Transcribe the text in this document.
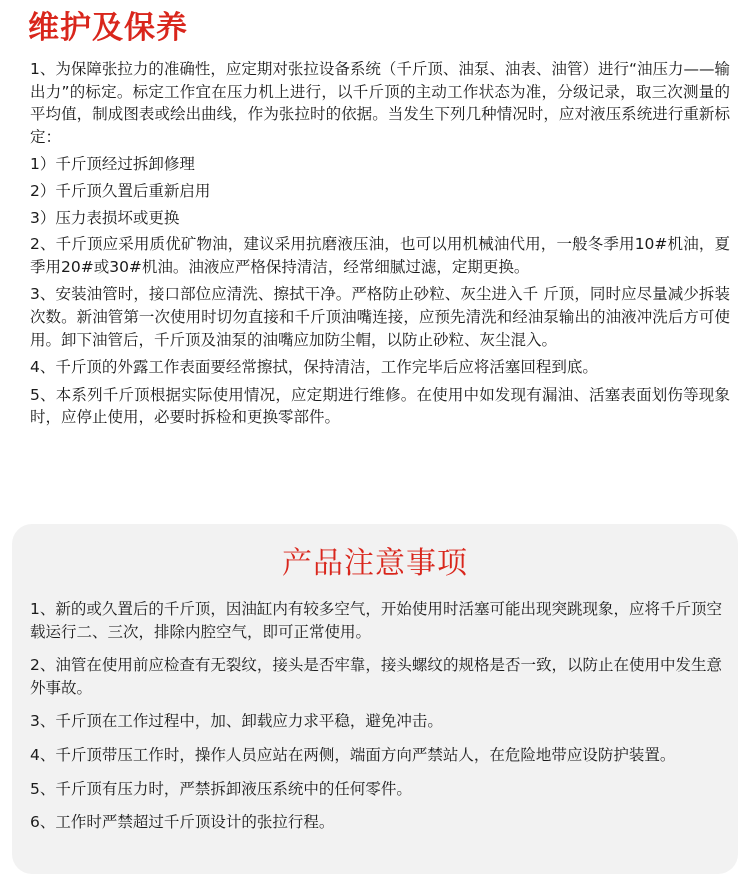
维护及保养

1、为保障张拉力的准确性，应定期对张拉设备系统（千斤顶、油泵、油表、油管）进行“油压力——输出力”的标定。标定工作宜在压力机上进行，以千斤顶的主动工作状态为准，分级记录，取三次测量的平均值，制成图表或绘出曲线，作为张拉时的依据。当发生下列几种情况时，应对液压系统进行重新标定：

1）千斤顶经过拆卸修理

2）千斤顶久置后重新启用

3）压力表损坏或更换

2、千斤顶应采用质优矿物油，建议采用抗磨液压油，也可以用机械油代用，一般冬季用10#机油，夏季用20#或30#机油。油液应严格保持清洁，经常细腻过滤，定期更换。

3、安装油管时，接口部位应清洗、擦拭干净。严格防止砂粒、灰尘进入千 斤顶，同时应尽量减少拆装次数。新油管第一次使用时切勿直接和千斤顶油嘴连接，应预先清洗和经油泵输出的油液冲洗后方可使用。卸下油管后，千斤顶及油泵的油嘴应加防尘帽，以防止砂粒、灰尘混入。

4、千斤顶的外露工作表面要经常擦拭，保持清洁，工作完毕后应将活塞回程到底。

5、本系列千斤顶根据实际使用情况，应定期进行维修。在使用中如发现有漏油、活塞表面划伤等现象时，应停止使用，必要时拆检和更换零部件。

产品注意事项

1、新的或久置后的千斤顶，因油缸内有较多空气，开始使用时活塞可能出现突跳现象，应将千斤顶空载运行二、三次，排除内腔空气，即可正常使用。

2、油管在使用前应检查有无裂纹，接头是否牢靠，接头螺纹的规格是否一致，以防止在使用中发生意外事故。

3、千斤顶在工作过程中，加、卸载应力求平稳，避免冲击。

4、千斤顶带压工作时，操作人员应站在两侧，端面方向严禁站人，在危险地带应设防护装置。

5、千斤顶有压力时，严禁拆卸液压系统中的任何零件。

6、工作时严禁超过千斤顶设计的张拉行程。
